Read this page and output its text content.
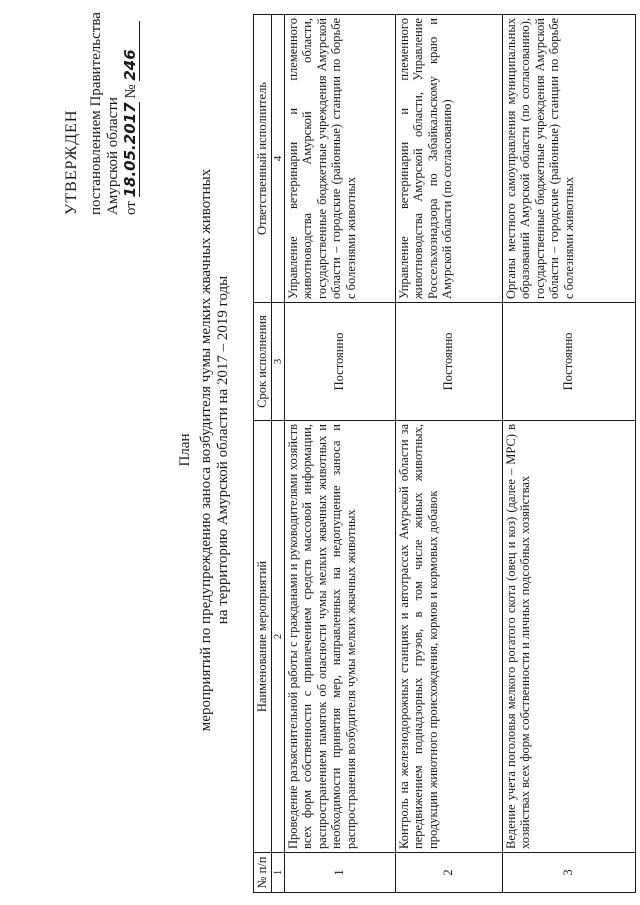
УТВЕРЖДЕН постановлением Правительства Амурской области от 18.05.2017 № 246
План мероприятий по предупреждению заноса возбудителя чумы мелких жвачных животных на территорию Амурской области на 2017 – 2019 годы
№ п/п	Наименование мероприятий	Срок исполнения	Ответственный исполнитель
1	2	3	4
1	Проведение разъяснительной работы с гражданами и руководителями хозяйств всех форм собственности с привлечением средств массовой информации, распространением памяток об опасности чумы мелких жвачных животных и необходимости принятия мер, направленных на недопущение заноса и распространения возбудителя чумы мелких жвачных животных	Постоянно	Управление ветеринарии и племенного животноводства Амурской области, государственные бюджетные учреждения Амурской области – городские (районные) станции по борьбе с болезнями животных
2	Контроль на железнодорожных станциях и автотрассах Амурской области за передвижением поднадзорных грузов, в том числе живых животных, продукции животного происхождения, кормов и кормовых добавок	Постоянно	Управление ветеринарии и племенного животноводства Амурской области, Управление Россельхознадзора по Забайкальскому краю и Амурской области (по согласованию)
3	Ведение учета поголовья мелкого рогатого скота (овец и коз) (далее – МРС) в хозяйствах всех форм собственности и личных подсобных хозяйствах	Постоянно	Органы местного самоуправления муниципальных образований Амурской области (по согласованию), государственные бюджетные учреждения Амурской области – городские (районные) станции по борьбе с болезнями животных
